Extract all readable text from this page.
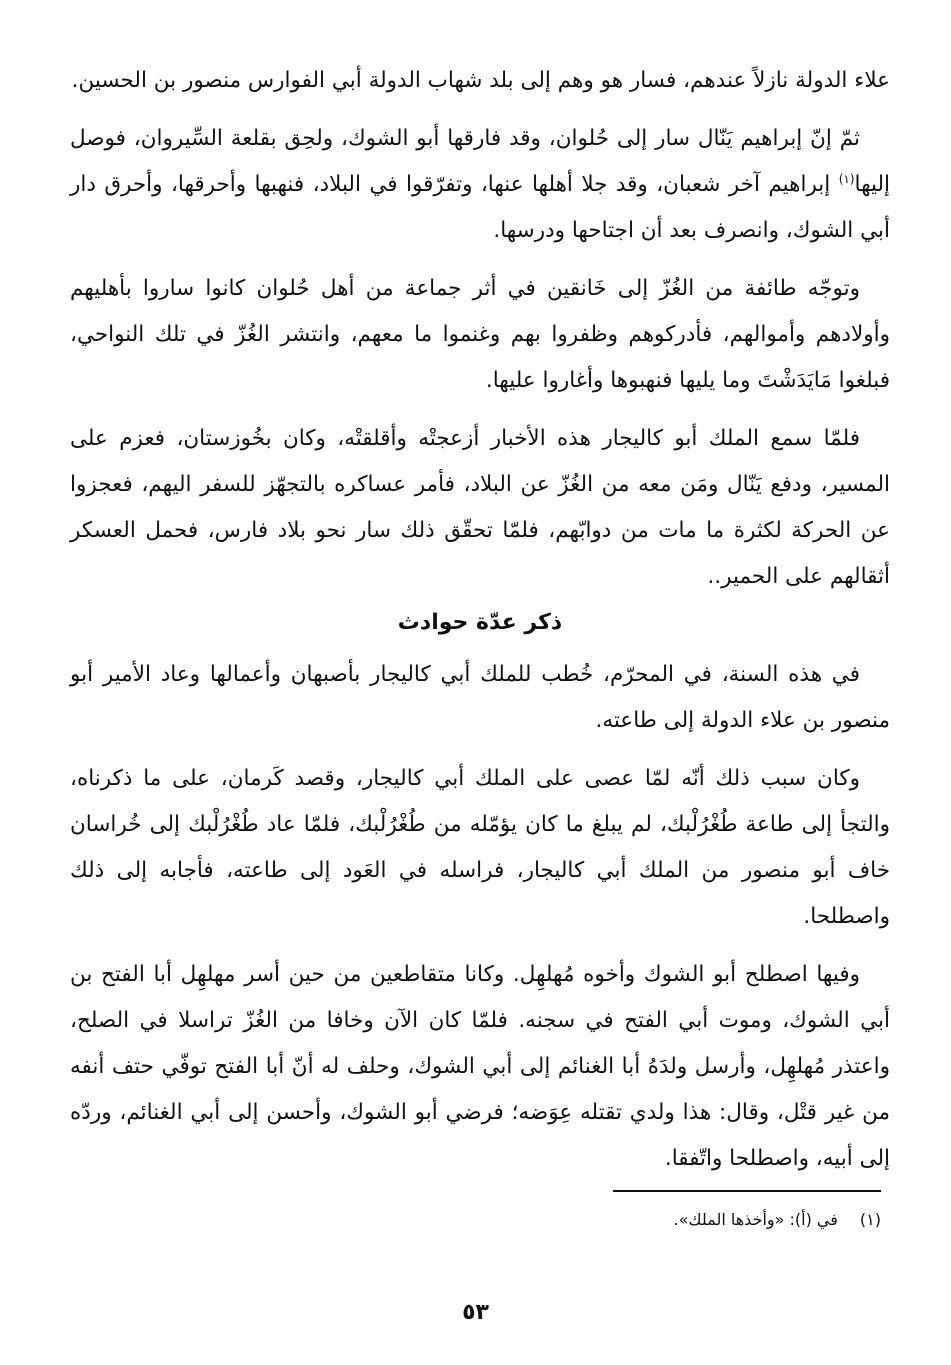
علاء الدولة نازلاً عندهم، فسار هو وهم إلى بلد شهاب الدولة أبي الفوارس منصور بن الحسين.

ثمّ إنّ إبراهيم يَنّال سار إلى حُلوان، وقد فارقها أبو الشوك، ولحِق بقلعة السِّيروان، فوصل إليها$^{(١)}$ إبراهيم آخر شعبان، وقد جلا أهلها عنها، وتفرّقوا في البلاد، فنهبها وأحرقها، وأحرق دار أبي الشوك، وانصرف بعد أن اجتاحها ودرسها.

وتوجّه طائفة من الغُزّ إلى خَانقين في أثر جماعة من أهل حُلوان كانوا ساروا بأهليهم وأولادهم وأموالهم، فأدركوهم وظفروا بهم وغنموا ما معهم، وانتشر الغُزّ في تلك النواحي، فبلغوا مَايَدَشْتَ وما يليها فنهبوها وأغاروا عليها.

فلمّا سمع الملك أبو كاليجار هذه الأخبار أزعجتْه وأقلقتْه، وكان بخُوزستان، فعزم على المسير، ودفع يَنّال ومَن معه من الغُزّ عن البلاد، فأمر عساكره بالتجهّز للسفر اليهم، فعجزوا عن الحركة لكثرة ما مات من دوابّهم، فلمّا تحقّق ذلك سار نحو بلاد فارس، فحمل العسكر أثقالهم على الحمير..

ذكر عدّة حوادث

في هذه السنة، في المحرّم، خُطب للملك أبي كاليجار بأصبهان وأعمالها وعاد الأمير أبو منصور بن علاء الدولة إلى طاعته.

وكان سبب ذلك أنّه لمّا عصى على الملك أبي كاليجار، وقصد كَرمان، على ما ذكرناه، والتجأ إلى طاعة طُغْرُلْبك، لم يبلغ ما كان يؤمّله من طُغْرُلْبك، فلمّا عاد طُغْرُلْبك إلى خُراسان خاف أبو منصور من الملك أبي كاليجار، فراسله في العَود إلى طاعته، فأجابه إلى ذلك واصطلحا.

وفيها اصطلح أبو الشوك وأخوه مُهلهِل. وكانا متقاطعين من حين أسر مهلهِل أبا الفتح بن أبي الشوك، وموت أبي الفتح في سجنه. فلمّا كان الآن وخافا من الغُزّ تراسلا في الصلح، واعتذر مُهلهِل، وأرسل ولدَهُ أبا الغنائم إلى أبي الشوك، وحلف له أنّ أبا الفتح توفّي حتف أنفه من غير قتْل، وقال: هذا ولدي تقتله عِوَضه؛ فرضي أبو الشوك، وأحسن إلى أبي الغنائم، وردّه إلى أبيه، واصطلحا واتّفقا.

(١)في (أ): «وأخذها الملك».
٥٣
